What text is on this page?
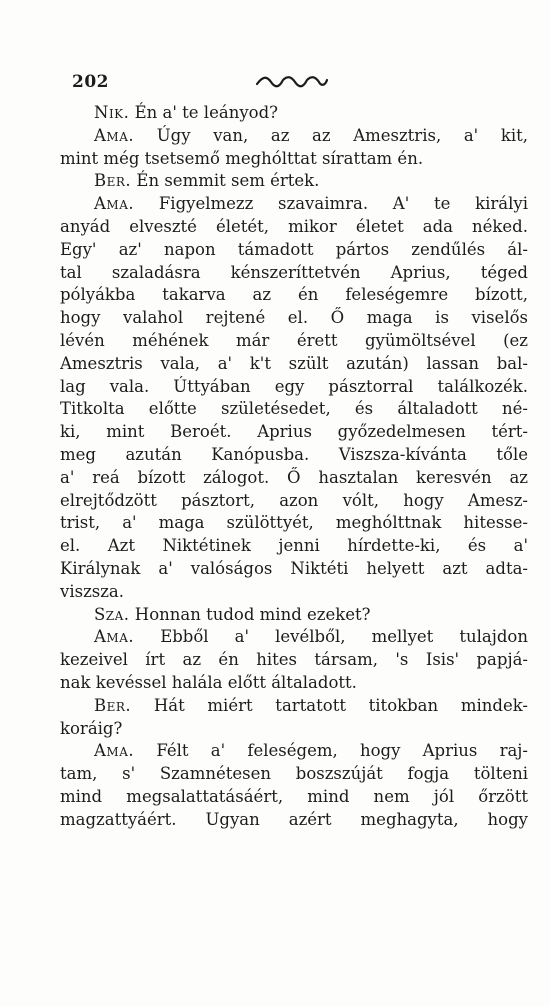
202
Nik. Én a' te leányod?
Ama. Úgy van, az az Amesztris, a' kit,
mint még tsetsemő meghólttat sírattam én.
Ber. Én semmit sem értek.
Ama. Figyelmezz szavaimra. A' te királyi
anyád elveszté életét, mikor életet ada néked.
Egy' az' napon támadott pártos zendűlés ál-
tal szaladásra kénszeríttetvén Aprius, téged
pólyákba takarva az én feleségemre bízott,
hogy valahol rejtené el. Ő maga is viselős
lévén méhének már érett gyümöltsével (ez
Amesztris vala, a' k't szült azután) lassan bal-
lag vala. Úttyában egy pásztorral találkozék.
Titkolta előtte születésedet, és általadott né-
ki, mint Beroét. Aprius győzedelmesen tért-
meg azután Kanópusba. Viszsza-kívánta tőle
a' reá bízott zálogot. Ő hasztalan keresvén az
elrejtődzött pásztort, azon vólt, hogy Amesz-
trist, a' maga szülöttyét, meghólttnak hitesse-
el. Azt Niktétinek jenni hírdette-ki, és a'
Királynak a' valóságos Niktéti helyett azt adta-
viszsza.
Sza. Honnan tudod mind ezeket?
Ama. Ebből a' levélből, mellyet tulajdon
kezeivel írt az én hites társam, 's Isis' papjá-
nak kevéssel halála előtt általadott.
Ber. Hát miért tartatott titokban mindek-
koráig?
Ama. Félt a' feleségem, hogy Aprius raj-
tam, s' Szamnétesen boszszúját fogja tölteni
mind megsalattatásáért, mind nem jól őrzött
magzattyáért. Ugyan azért meghagyta, hogy
